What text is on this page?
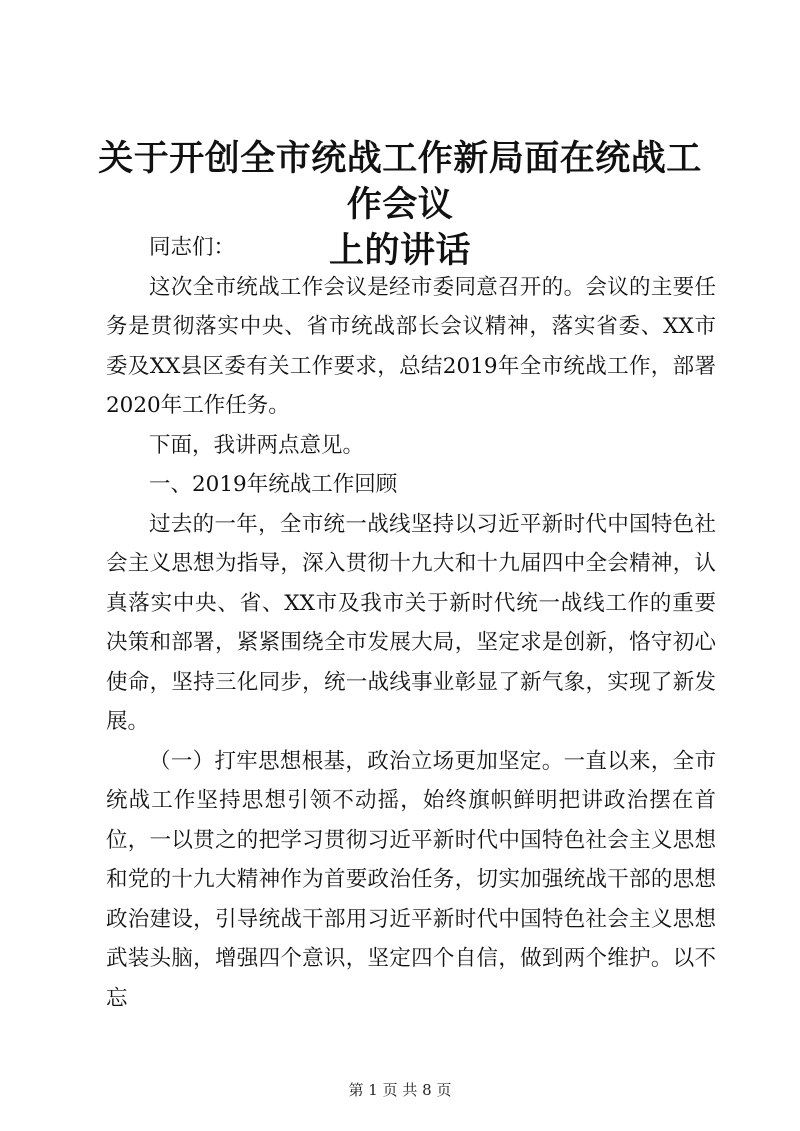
关于开创全市统战工作新局面在统战工作会议
上的讲话

同志们：

这次全市统战工作会议是经市委同意召开的。会议的主要任务是贯彻落实中央、省市统战部长会议精神，落实省委、XX市委及XX县区委有关工作要求，总结2019年全市统战工作，部署2020年工作任务。

下面，我讲两点意见。

一、2019年统战工作回顾

过去的一年，全市统一战线坚持以习近平新时代中国特色社会主义思想为指导，深入贯彻十九大和十九届四中全会精神，认真落实中央、省、XX市及我市关于新时代统一战线工作的重要决策和部署，紧紧围绕全市发展大局，坚定求是创新，恪守初心使命，坚持三化同步，统一战线事业彰显了新气象，实现了新发展。

（一）打牢思想根基，政治立场更加坚定。一直以来，全市统战工作坚持思想引领不动摇，始终旗帜鲜明把讲政治摆在首位，一以贯之的把学习贯彻习近平新时代中国特色社会主义思想和党的十九大精神作为首要政治任务，切实加强统战干部的思想政治建设，引导统战干部用习近平新时代中国特色社会主义思想武装头脑，增强四个意识，坚定四个自信，做到两个维护。以不忘

第 1 页 共 8 页
